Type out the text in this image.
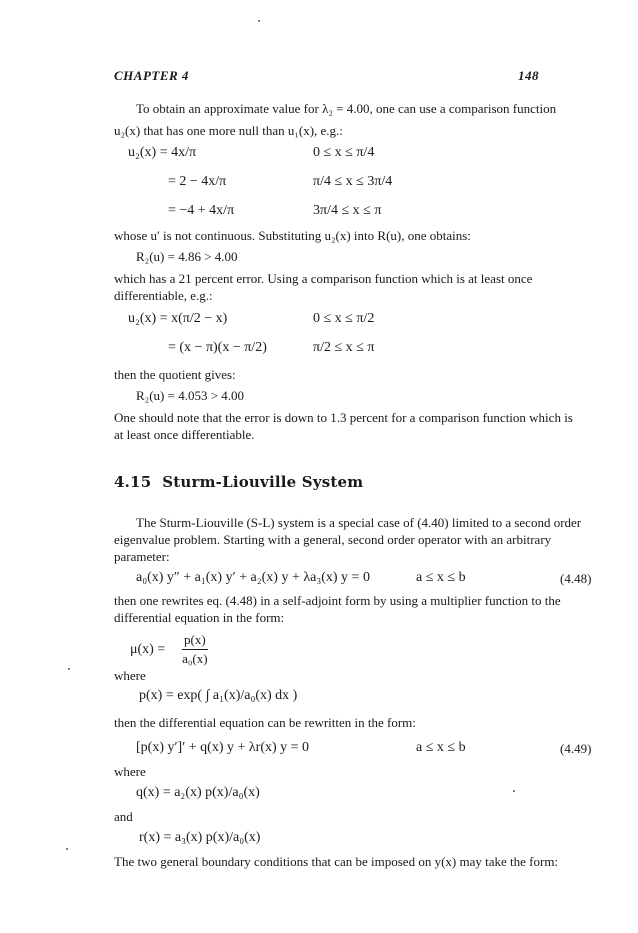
CHAPTER 4	148
To obtain an approximate value for λ₂ = 4.00, one can use a comparison function
u₂(x) that has one more null than u₁(x), e.g.:
u₂(x) = 4x/π	0 ≤ x ≤ π/4
= 2 − 4x/π	π/4 ≤ x ≤ 3π/4
= −4 + 4x/π	3π/4 ≤ x ≤ π
whose u′ is not continuous. Substituting u₂(x) into R(u), one obtains:
R₂(u) = 4.86 > 4.00
which has a 21 percent error. Using a comparison function which is at least once
differentiable, e.g.:
u₂(x) = x(π/2 − x)	0 ≤ x ≤ π/2
= (x − π)(x − π/2)	π/2 ≤ x ≤ π
then the quotient gives:
R₂(u) = 4.053 > 4.00
One should note that the error is down to 1.3 percent for a comparison function which is
at least once differentiable.
4.15 Sturm-Liouville System
The Sturm-Liouville (S-L) system is a special case of (4.40) limited to a second order
eigenvalue problem. Starting with a general, second order operator with an arbitrary
parameter:
a₀(x) y″ + a₁(x) y′ + a₂(x) y + λa₃(x) y = 0	a ≤ x ≤ b	(4.48)
then one rewrites eq. (4.48) in a self-adjoint form by using a multiplier function to the
differential equation in the form:
$\mu(x) = \frac{p(x)}{\text{a₀(x)}}$
where
p(x) = exp( ∫ a₁(x)/a₀(x) dx )
then the differential equation can be rewritten in the form:
[p(x) y′]′ + q(x) y + λr(x) y = 0	a ≤ x ≤ b	(4.49)
where
q(x) = a₂(x) p(x)/a₀(x)
and
r(x) = a₃(x) p(x)/a₀(x)
The two general boundary conditions that can be imposed on y(x) may take the form:
